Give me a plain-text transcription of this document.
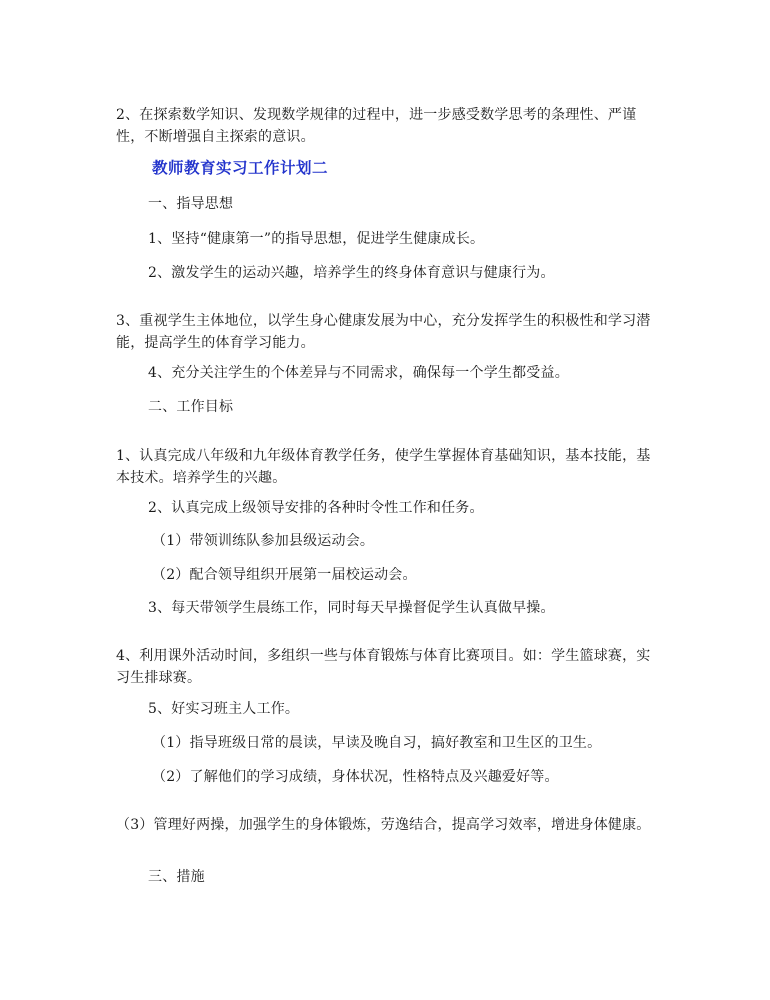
2、在探索数学知识、发现数学规律的过程中，进一步感受数学思考的条理性、严谨性，不断增强自主探索的意识。

教师教育实习工作计划二

一、指导思想

1、坚持“健康第一”的指导思想，促进学生健康成长。

2、激发学生的运动兴趣，培养学生的终身体育意识与健康行为。

3、重视学生主体地位，以学生身心健康发展为中心，充分发挥学生的积极性和学习潜能，提高学生的体育学习能力。

4、充分关注学生的个体差异与不同需求，确保每一个学生都受益。

二、工作目标

1、认真完成八年级和九年级体育教学任务，使学生掌握体育基础知识，基本技能，基本技术。培养学生的兴趣。

2、认真完成上级领导安排的各种时令性工作和任务。

（1）带领训练队参加县级运动会。

（2）配合领导组织开展第一届校运动会。

3、每天带领学生晨练工作，同时每天早操督促学生认真做早操。

4、利用课外活动时间，多组织一些与体育锻炼与体育比赛项目。如：学生篮球赛，实习生排球赛。

5、好实习班主人工作。

（1）指导班级日常的晨读，早读及晚自习，搞好教室和卫生区的卫生。

（2）了解他们的学习成绩，身体状况，性格特点及兴趣爱好等。

（3）管理好两操，加强学生的身体锻炼，劳逸结合，提高学习效率，增进身体健康。

三、措施
